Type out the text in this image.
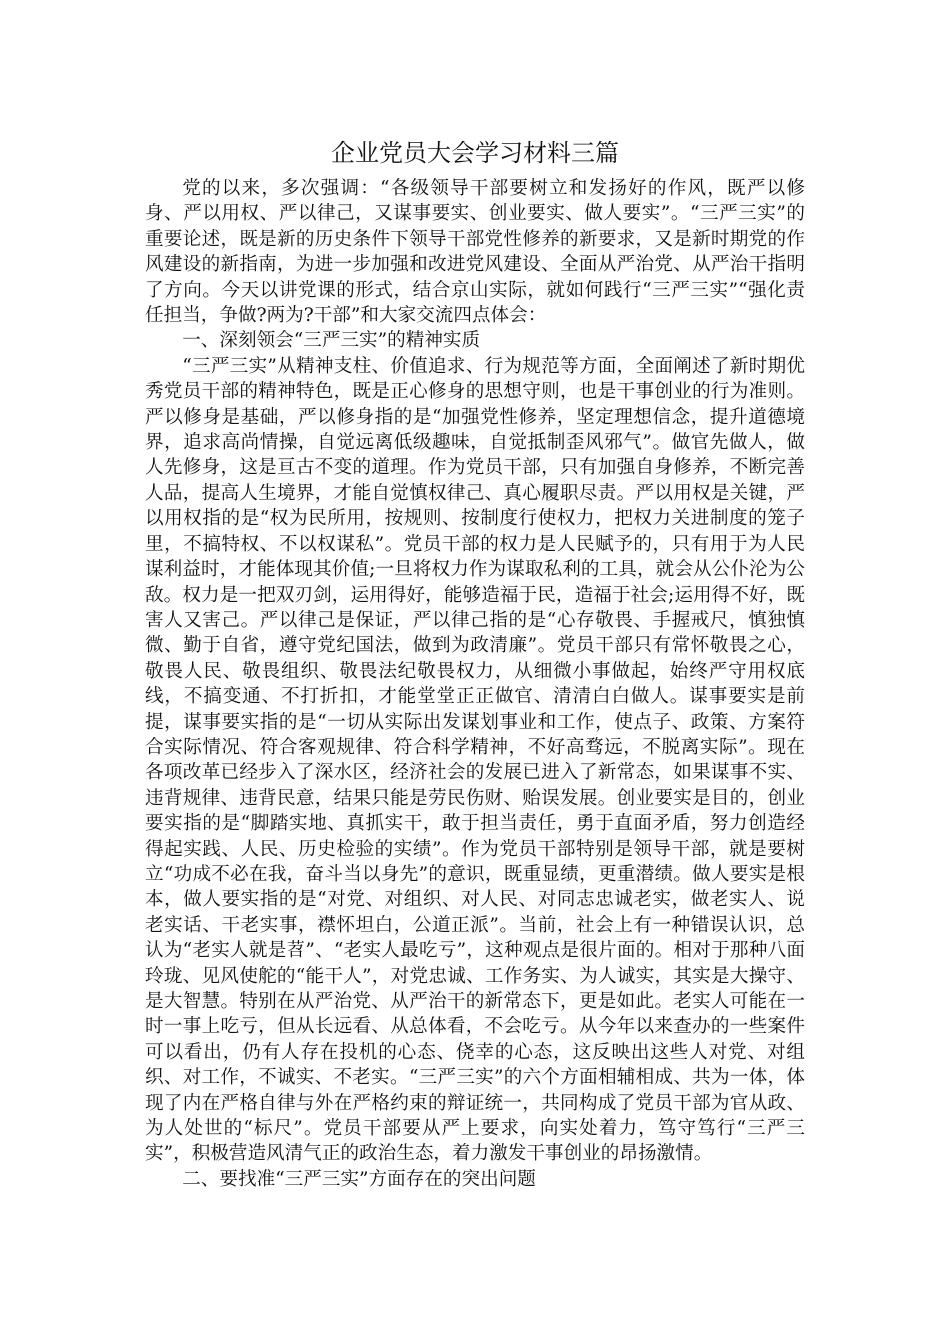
企业党员大会学习材料三篇

党的以来，多次强调：“各级领导干部要树立和发扬好的作风，既严以修身、严以用权、严以律己，又谋事要实、创业要实、做人要实”。“三严三实”的重要论述，既是新的历史条件下领导干部党性修养的新要求，又是新时期党的作风建设的新指南，为进一步加强和改进党风建设、全面从严治党、从严治干指明了方向。今天以讲党课的形式，结合京山实际，就如何践行“三严三实”“强化责任担当，争做?两为?干部”和大家交流四点体会：

一、深刻领会“三严三实”的精神实质

“三严三实”从精神支柱、价值追求、行为规范等方面，全面阐述了新时期优秀党员干部的精神特色，既是正心修身的思想守则，也是干事创业的行为准则。严以修身是基础，严以修身指的是“加强党性修养，坚定理想信念，提升道德境界，追求高尚情操，自觉远离低级趣味，自觉抵制歪风邪气”。做官先做人，做人先修身，这是亘古不变的道理。作为党员干部，只有加强自身修养，不断完善人品，提高人生境界，才能自觉慎权律己、真心履职尽责。严以用权是关键，严以用权指的是“权为民所用，按规则、按制度行使权力，把权力关进制度的笼子里，不搞特权、不以权谋私”。党员干部的权力是人民赋予的，只有用于为人民谋利益时，才能体现其价值;一旦将权力作为谋取私利的工具，就会从公仆沦为公敌。权力是一把双刃剑，运用得好，能够造福于民，造福于社会;运用得不好，既害人又害己。严以律己是保证，严以律己指的是“心存敬畏、手握戒尺，慎独慎微、勤于自省，遵守党纪国法，做到为政清廉”。党员干部只有常怀敬畏之心，敬畏人民、敬畏组织、敬畏法纪敬畏权力，从细微小事做起，始终严守用权底线，不搞变通、不打折扣，才能堂堂正正做官、清清白白做人。谋事要实是前提，谋事要实指的是“一切从实际出发谋划事业和工作，使点子、政策、方案符合实际情况、符合客观规律、符合科学精神，不好高骛远，不脱离实际”。现在各项改革已经步入了深水区，经济社会的发展已进入了新常态，如果谋事不实、违背规律、违背民意，结果只能是劳民伤财、贻误发展。创业要实是目的，创业要实指的是“脚踏实地、真抓实干，敢于担当责任，勇于直面矛盾，努力创造经得起实践、人民、历史检验的实绩”。作为党员干部特别是领导干部，就是要树立“功成不必在我，奋斗当以身先”的意识，既重显绩，更重潜绩。做人要实是根本，做人要实指的是“对党、对组织、对人民、对同志忠诚老实，做老实人、说老实话、干老实事，襟怀坦白，公道正派”。当前，社会上有一种错误认识，总认为“老实人就是苕”、“老实人最吃亏”，这种观点是很片面的。相对于那种八面玲珑、见风使舵的“能干人”，对党忠诚、工作务实、为人诚实，其实是大操守、是大智慧。特别在从严治党、从严治干的新常态下，更是如此。老实人可能在一时一事上吃亏，但从长远看、从总体看，不会吃亏。从今年以来查办的一些案件可以看出，仍有人存在投机的心态、侥幸的心态，这反映出这些人对党、对组织、对工作，不诚实、不老实。“三严三实”的六个方面相辅相成、共为一体，体现了内在严格自律与外在严格约束的辩证统一，共同构成了党员干部为官从政、为人处世的“标尺”。党员干部要从严上要求，向实处着力，笃守笃行“三严三实”，积极营造风清气正的政治生态，着力激发干事创业的昂扬激情。

二、要找准“三严三实”方面存在的突出问题
